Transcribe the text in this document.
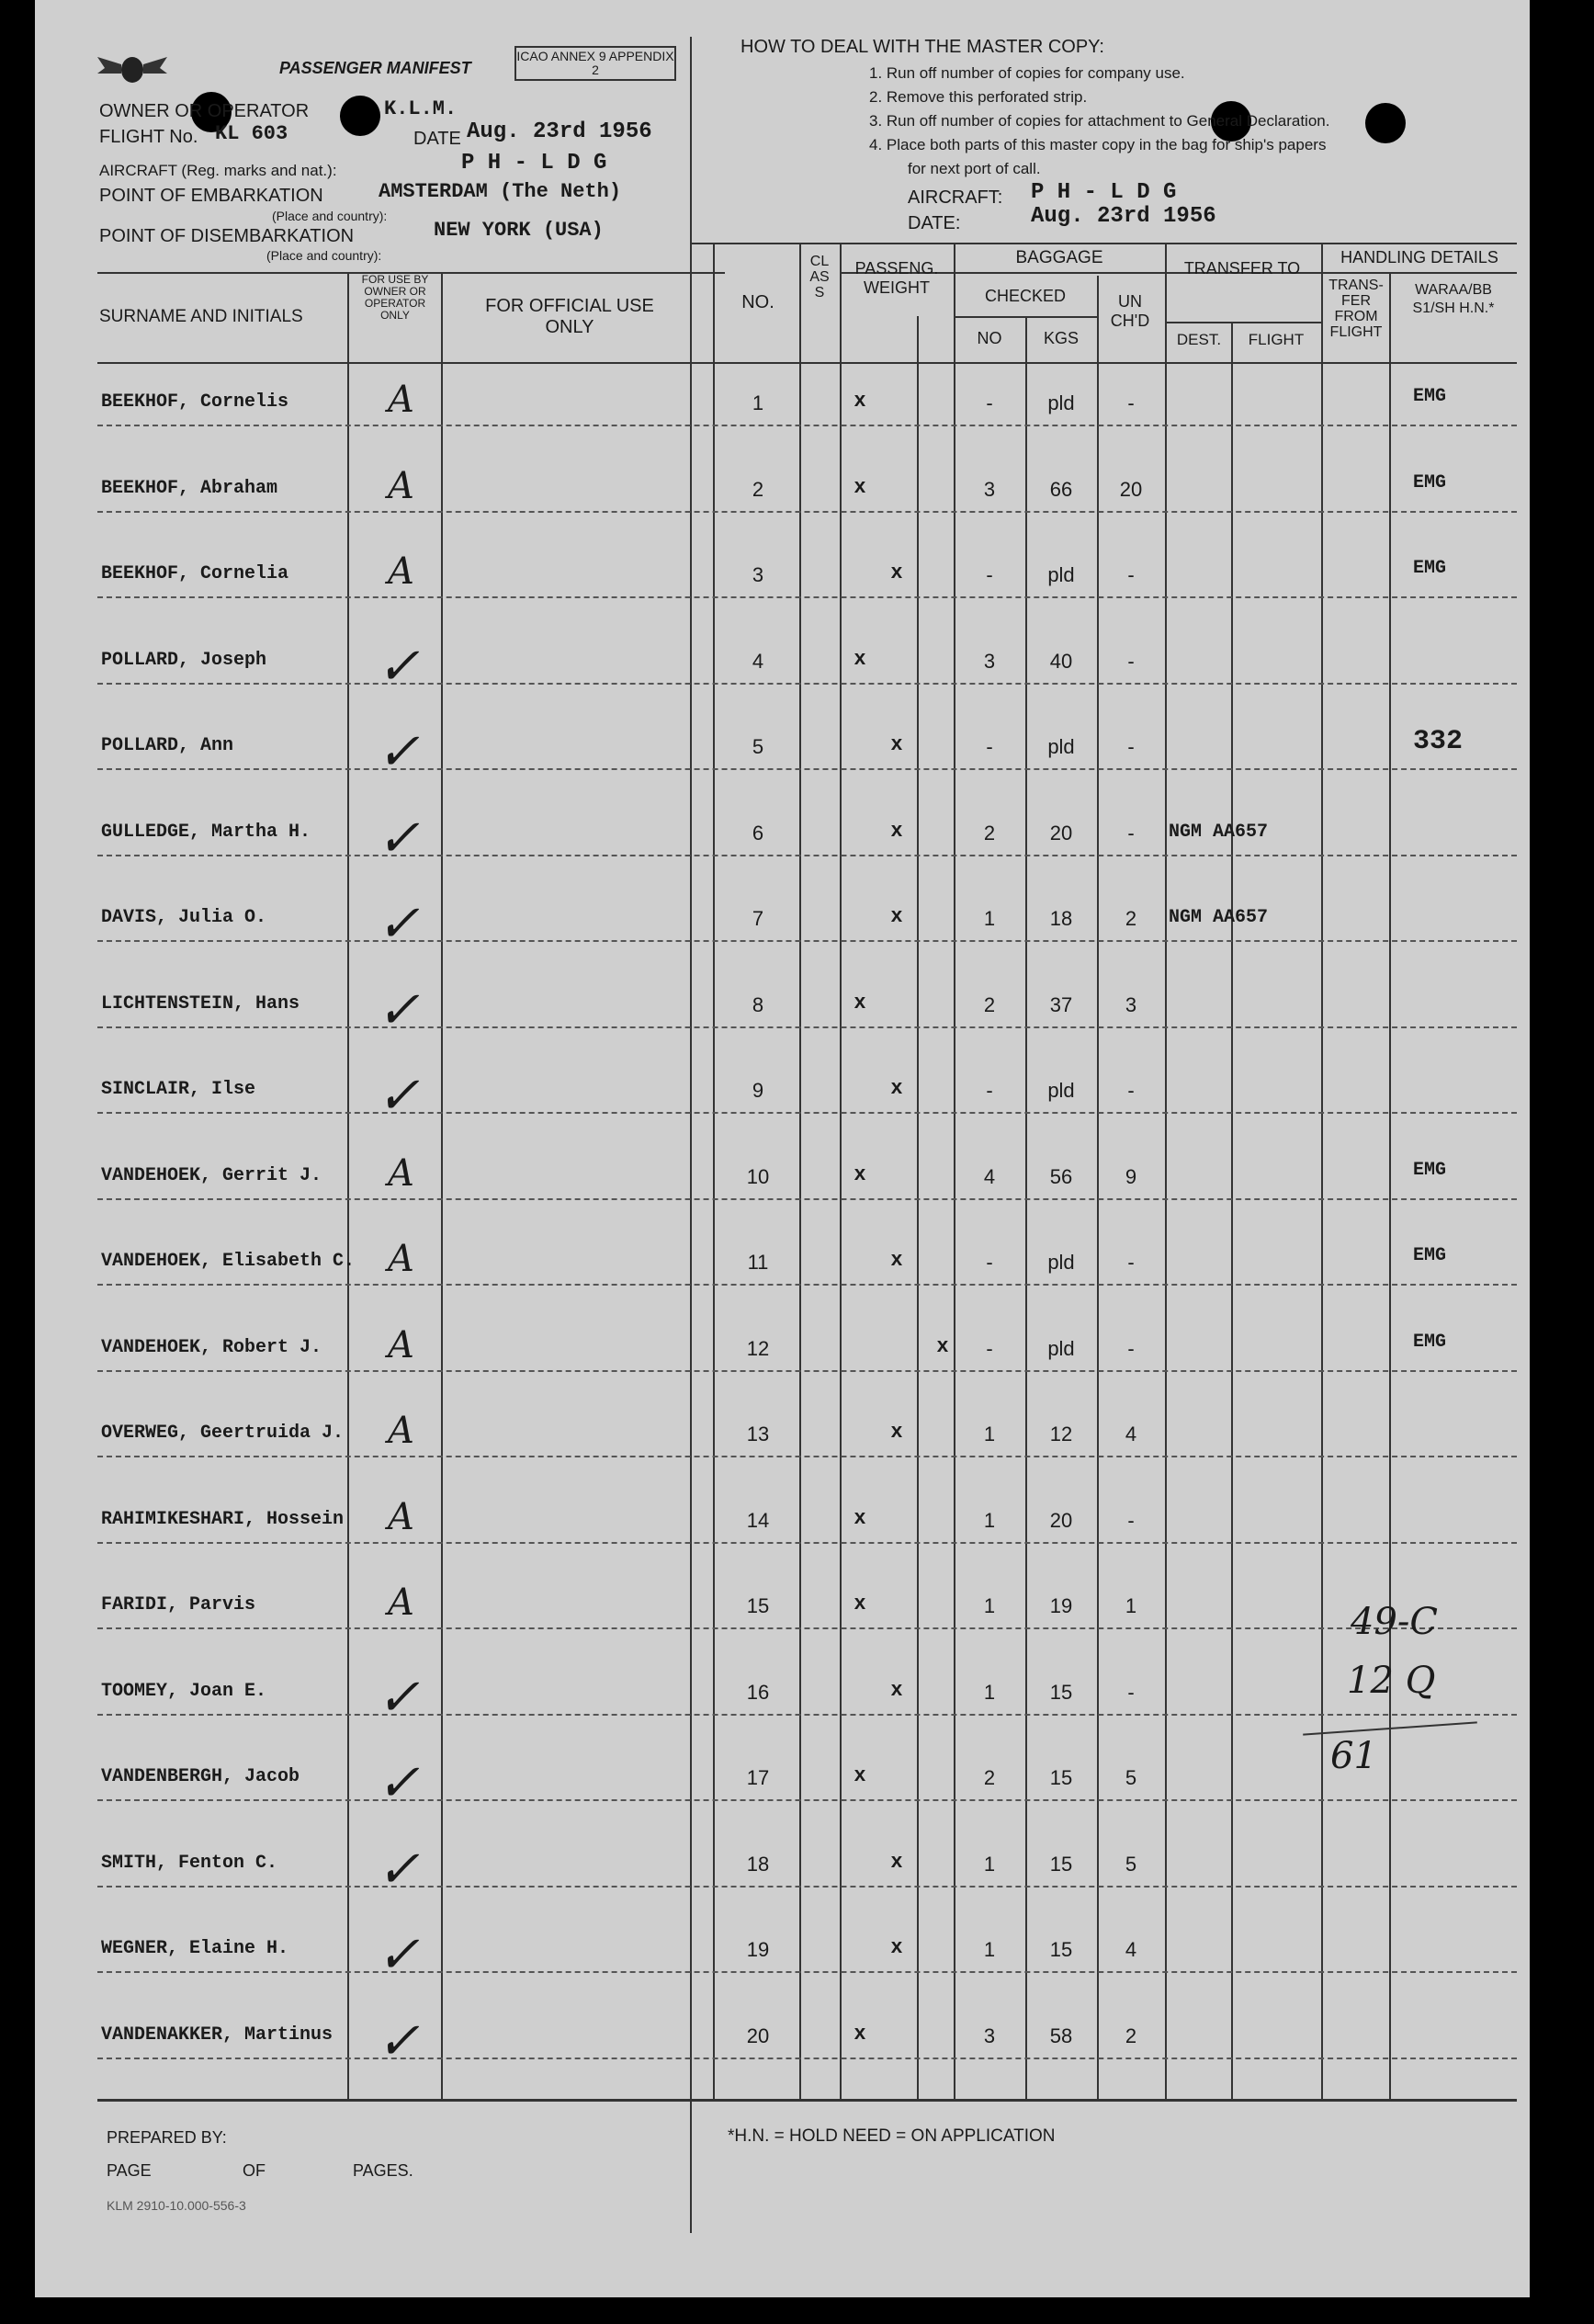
PASSENGER MANIFEST
ICAO ANNEX 9 APPENDIX 2
OWNER OR OPERATOR	K.L.M.
FLIGHT No. KL 603	DATE Aug. 23rd 1956
AIRCRAFT (Reg. marks and nat.):	P H - L D G
POINT OF EMBARKATION	AMSTERDAM (The Neth)
(Place and country):
POINT OF DISEMBARKATION	NEW YORK (USA)
(Place and country):
HOW TO DEAL WITH THE MASTER COPY:
1. Run off number of copies for company use.
2. Remove this perforated strip.
3. Run off number of copies for attachment to General Declaration.
4. Place both parts of this master copy in the bag for ship's papers
for next port of call.
AIRCRAFT: P H - L D G
DATE:	Aug. 23rd 1956
SURNAME AND INITIALS
FOR USE BY OWNER OR OPERATOR ONLY	FOR OFFICIAL USE ONLY
NO.
CLASS
PASSENG. WEIGHT
BAGGAGE
CHECKED
NO	KGS
UN CH'D
TRANSFER TO
DEST.	FLIGHT
HANDLING DETAILS
TRANS- FER FROM FLIGHT
WARAA/BB S1/SH H.N.*
BEEKHOF, Cornelis	A	1	x	-	pld	-	EMG
BEEKHOF, Abraham	A	2	x	3	66	20	EMG
BEEKHOF, Cornelia	A	3	x	-	pld	-	EMG
POLLARD, Joseph ✓	4	x	3	40	-
POLLARD, Ann	✓	5	x	-	pld	-	332
GULLEDGE, Martha H. ✓	6	x	2	20	-	NGM AA657
DAVIS, Julia O. ✓	7	x	1	18	2	NGM AA657
LICHTENSTEIN, Hans ✓	8	x	2	37	3
SINCLAIR, Ilse ✓	9	x	-	pld	-
VANDEHOEK, Gerrit J. A	10	x	4	56	9	EMG
VANDEHOEK, Elisabeth C. A	11	x	-	pld	-	EMG
VANDEHOEK, Robert J. A	12	x	-	pld	-	EMG
OVERWEG, Geertruida J. A	13	x	1	12	4
RAHIMIKESHARI, Hossein A	14	x	1	20	-
FARIDI, Parvis	A	15	x	1	19	1
TOOMEY, Joan E. ✓	16	x	1	15	-
VANDENBERGH, Jacob ✓	17	x	2	15	5
SMITH, Fenton C. ✓	18	x	1	15	5
WEGNER, Elaine H. ✓	19	x	1	15	4
VANDENAKKER, Martinus ✓	20	x	3	58	2
49-C
12 Q
61
PREPARED BY:
PAGE	OF	PAGES.
KLM 2910-10.000-556-3
*H.N. = HOLD NEED = ON APPLICATION
